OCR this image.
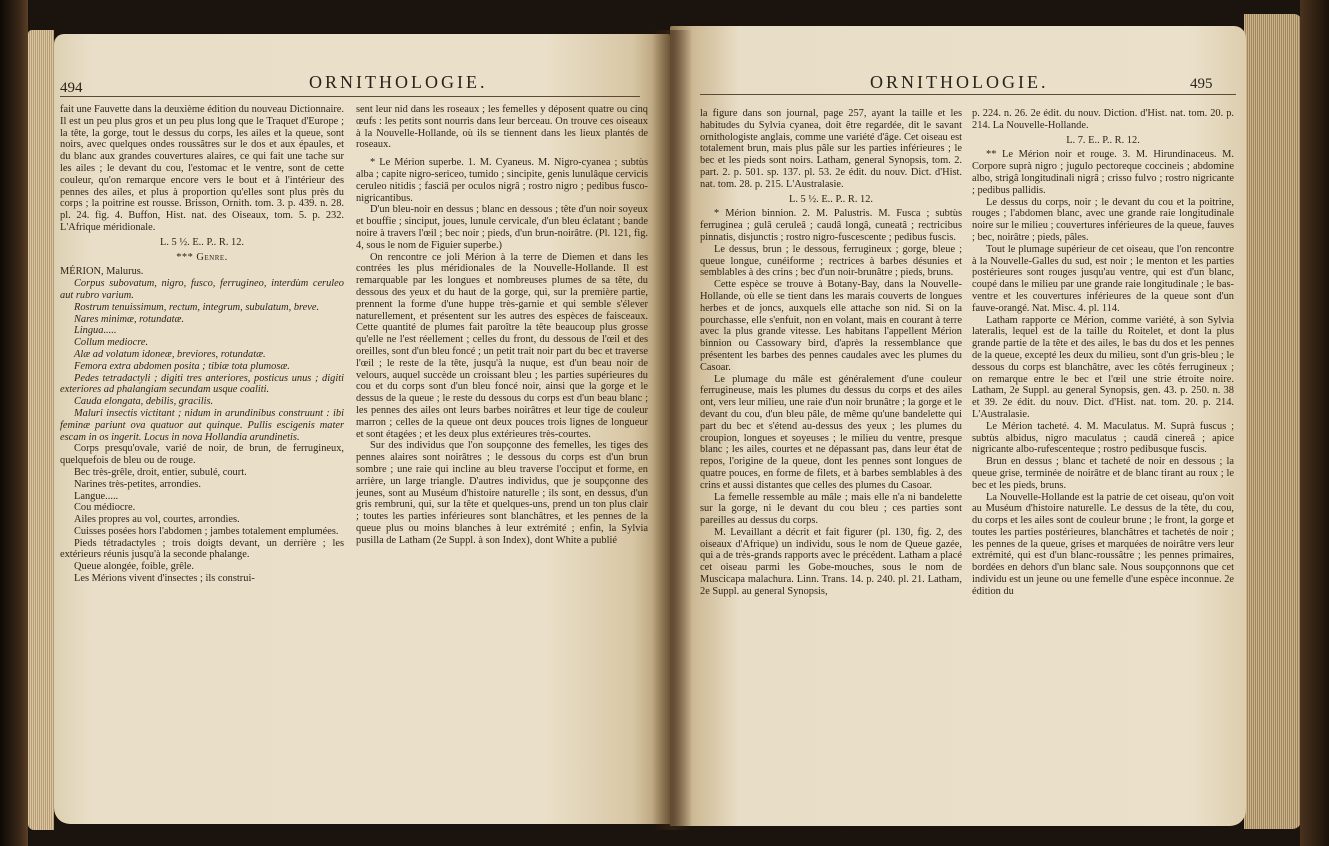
494	ORNITHOLOGIE.

fait une Fauvette dans la deuxième édition du nouveau Dictionnaire. Il est un peu plus gros et un peu plus long que le Traquet d'Europe ; la tête, la gorge, tout le dessus du corps, les ailes et la queue, sont noirs, avec quelques ondes roussâtres sur le dos et aux épaules, et du blanc aux grandes couvertures alaires, ce qui fait une tache sur les ailes ; le devant du cou, l'estomac et le ventre, sont de cette couleur, qu'on remarque encore vers le bout et à l'intérieur des pennes des ailes, et plus à proportion qu'elles sont plus près du corps ; la poitrine est rousse. Brisson, Ornith. tom. 3. p. 439. n. 28. pl. 24. fig. 4. Buffon, Hist. nat. des Oiseaux, tom. 5. p. 232. L'Afrique méridionale.

L. 5 ½. E.. P.. R. 12.

*** Genre.

MÉRION, Malurus.

Corpus subovatum, nigro, fusco, ferrugineo, interdùm ceruleo aut rubro varium.

Rostrum tenuissimum, rectum, integrum, subulatum, breve.

Nares minimæ, rotundatæ.

Lingua.....

Collum mediocre.

Alæ ad volatum idoneæ, breviores, rotundatæ.

Femora extra abdomen posita ; tibiæ tota plumosæ.

Pedes tetradactyli ; digiti tres anteriores, posticus unus ; digiti exteriores ad phalangiam secundam usque coaliti.

Cauda elongata, debilis, gracilis.

Maluri insectis victitant ; nidum in arundinibus construunt : ibi feminæ pariunt ova quatuor aut quinque. Pullis escigenis mater escam in os ingerit. Locus in nova Hollandia arundinetis.

Corps presqu'ovale, varié de noir, de brun, de ferrugineux, quelquefois de bleu ou de rouge.

Bec très-grêle, droit, entier, subulé, court.

Narines très-petites, arrondies.

Langue.....

Cou médiocre.

Ailes propres au vol, courtes, arrondies.

Cuisses posées hors l'abdomen ; jambes totalement emplumées.

Pieds tétradactyles ; trois doigts devant, un derrière ; les extérieurs réunis jusqu'à la seconde phalange.

Queue alongée, foible, grêle.

Les Mérions vivent d'insectes ; ils construi-

sent leur nid dans les roseaux ; les femelles y déposent quatre ou cinq œufs : les petits sont nourris dans leur berceau. On trouve ces oiseaux à la Nouvelle-Hollande, où ils se tiennent dans les lieux plantés de roseaux.

* Le Mérion superbe. 1. M. Cyaneus. M. Nigro-cyanea ; subtùs alba ; capite nigro-sericeo, tumido ; sincipite, genis lunulâque cervicis ceruleo nitidis ; fasciâ per oculos nigrâ ; rostro nigro ; pedibus fusco-nigricantibus.

D'un bleu-noir en dessus ; blanc en dessous ; tête d'un noir soyeux et bouffie ; sinciput, joues, lunule cervicale, d'un bleu éclatant ; bande noire à travers l'œil ; bec noir ; pieds, d'un brun-noirâtre. (Pl. 121, fig. 4, sous le nom de Figuier superbe.)

On rencontre ce joli Mérion à la terre de Diemen et dans les contrées les plus méridionales de la Nouvelle-Hollande. Il est remarquable par les longues et nombreuses plumes de sa tête, du dessous des yeux et du haut de la gorge, qui, sur la première partie, prennent la forme d'une huppe très-garnie et qui semble s'élever naturellement, et présentent sur les autres des espèces de faisceaux. Cette quantité de plumes fait paroître la tête beaucoup plus grosse qu'elle ne l'est réellement ; celles du front, du dessous de l'œil et des oreilles, sont d'un bleu foncé ; un petit trait noir part du bec et traverse l'œil ; le reste de la tête, jusqu'à la nuque, est d'un beau noir de velours, auquel succède un croissant bleu ; les parties supérieures du cou et du corps sont d'un bleu foncé noir, ainsi que la gorge et le dessus de la queue ; le reste du dessous du corps est d'un beau blanc ; les pennes des ailes ont leurs barbes noirâtres et leur tige de couleur marron ; celles de la queue ont deux pouces trois lignes de longueur et sont étagées ; et les deux plus extérieures très-courtes.

Sur des individus que l'on soupçonne des femelles, les tiges des pennes alaires sont noirâtres ; le dessous du corps est d'un brun sombre ; une raie qui incline au bleu traverse l'occiput et forme, en arrière, un large triangle. D'autres individus, que je soupçonne des jeunes, sont au Muséum d'histoire naturelle ; ils sont, en dessus, d'un gris rembruni, qui, sur la tête et quelques-uns, prend un ton plus clair ; toutes les parties inférieures sont blanchâtres, et les pennes de la queue plus ou moins blanches à leur extrémité ; enfin, la Sylvia pusilla de Latham (2e Suppl. à son Index), dont White a publié

ORNITHOLOGIE.	495

la figure dans son journal, page 257, ayant la taille et les habitudes du Sylvia cyanea, doit être regardée, dit le savant ornithologiste anglais, comme une variété d'âge. Cet oiseau est totalement brun, mais plus pâle sur les parties inférieures ; le bec et les pieds sont noirs. Latham, general Synopsis, tom. 2. part. 2. p. 501. sp. 137. pl. 53. 2e édit. du nouv. Dict. d'Hist. nat. tom. 28. p. 215. L'Australasie.

L. 5 ½. E.. P.. R. 12.

* Mérion binnion. 2. M. Palustris. M. Fusca ; subtùs ferruginea ; gulâ ceruleâ ; caudâ longâ, cuneatâ ; rectricibus pinnatis, disjunctis ; rostro nigro-fuscescente ; pedibus fuscis.

Le dessus, brun ; le dessous, ferrugineux ; gorge, bleue ; queue longue, cunéiforme ; rectrices à barbes désunies et semblables à des crins ; bec d'un noir-brunâtre ; pieds, bruns.

Cette espèce se trouve à Botany-Bay, dans la Nouvelle-Hollande, où elle se tient dans les marais couverts de longues herbes et de joncs, auxquels elle attache son nid. Si on la pourchasse, elle s'enfuit, non en volant, mais en courant à terre avec la plus grande vitesse. Les habitans l'appellent Mérion binnion ou Cassowary bird, d'après la ressemblance que présentent les barbes des pennes caudales avec les plumes du Casoar.

Le plumage du mâle est généralement d'une couleur ferrugineuse, mais les plumes du dessus du corps et des ailes ont, vers leur milieu, une raie d'un noir brunâtre ; la gorge et le devant du cou, d'un bleu pâle, de même qu'une bandelette qui part du bec et s'étend au-dessus des yeux ; les plumes du croupion, longues et soyeuses ; le milieu du ventre, presque blanc ; les ailes, courtes et ne dépassant pas, dans leur état de repos, l'origine de la queue, dont les pennes sont longues de quatre pouces, en forme de filets, et à barbes semblables à des crins et aussi distantes que celles des plumes du Casoar.

La femelle ressemble au mâle ; mais elle n'a ni bandelette sur la gorge, ni le devant du cou bleu ; ces parties sont pareilles au dessus du corps.

M. Levaillant a décrit et fait figurer (pl. 130, fig. 2, des oiseaux d'Afrique) un individu, sous le nom de Queue gazée, qui a de très-grands rapports avec le précédent. Latham a placé cet oiseau parmi les Gobe-mouches, sous le nom de Muscicapa malachura. Linn. Trans. 14. p. 240. pl. 21. Latham, 2e Suppl. au general Synopsis,

p. 224. n. 26. 2e édit. du nouv. Diction. d'Hist. nat. tom. 20. p. 214. La Nouvelle-Hollande.

L. 7. E.. P.. R. 12.

** Le Mérion noir et rouge. 3. M. Hirundinaceus. M. Corpore suprà nigro ; jugulo pectoreque coccineis ; abdomine albo, strigâ longitudinali nigrâ ; crisso fulvo ; rostro nigricante ; pedibus pallidis.

Le dessus du corps, noir ; le devant du cou et la poitrine, rouges ; l'abdomen blanc, avec une grande raie longitudinale noire sur le milieu ; couvertures inférieures de la queue, fauves ; bec, noirâtre ; pieds, pâles.

Tout le plumage supérieur de cet oiseau, que l'on rencontre à la Nouvelle-Galles du sud, est noir ; le menton et les parties postérieures sont rouges jusqu'au ventre, qui est d'un blanc, coupé dans le milieu par une grande raie longitudinale ; le bas-ventre et les couvertures inférieures de la queue sont d'un fauve-orangé. Nat. Misc. 4. pl. 114.

Latham rapporte ce Mérion, comme variété, à son Sylvia lateralis, lequel est de la taille du Roitelet, et dont la plus grande partie de la tête et des ailes, le bas du dos et les pennes de la queue, excepté les deux du milieu, sont d'un gris-bleu ; le dessous du corps est blanchâtre, avec les côtés ferrugineux ; on remarque entre le bec et l'œil une strie étroite noire. Latham, 2e Suppl. au general Synopsis, gen. 43. p. 250. n. 38 et 39. 2e édit. du nouv. Dict. d'Hist. nat. tom. 20. p. 214. L'Australasie.

Le Mérion tacheté. 4. M. Maculatus. M. Suprà fuscus ; subtùs albidus, nigro maculatus ; caudâ cinereâ ; apice nigricante albo-rufescenteque ; rostro pedibusque fuscis.

Brun en dessus ; blanc et tacheté de noir en dessous ; la queue grise, terminée de noirâtre et de blanc tirant au roux ; le bec et les pieds, bruns.

La Nouvelle-Hollande est la patrie de cet oiseau, qu'on voit au Muséum d'histoire naturelle. Le dessus de la tête, du cou, du corps et les ailes sont de couleur brune ; le front, la gorge et toutes les parties postérieures, blanchâtres et tachetés de noir ; les pennes de la queue, grises et marquées de noirâtre vers leur extrémité, qui est d'un blanc-roussâtre ; les pennes primaires, bordées en dehors d'un blanc sale. Nous soupçonnons que cet individu est un jeune ou une femelle d'une espèce inconnue. 2e édition du
